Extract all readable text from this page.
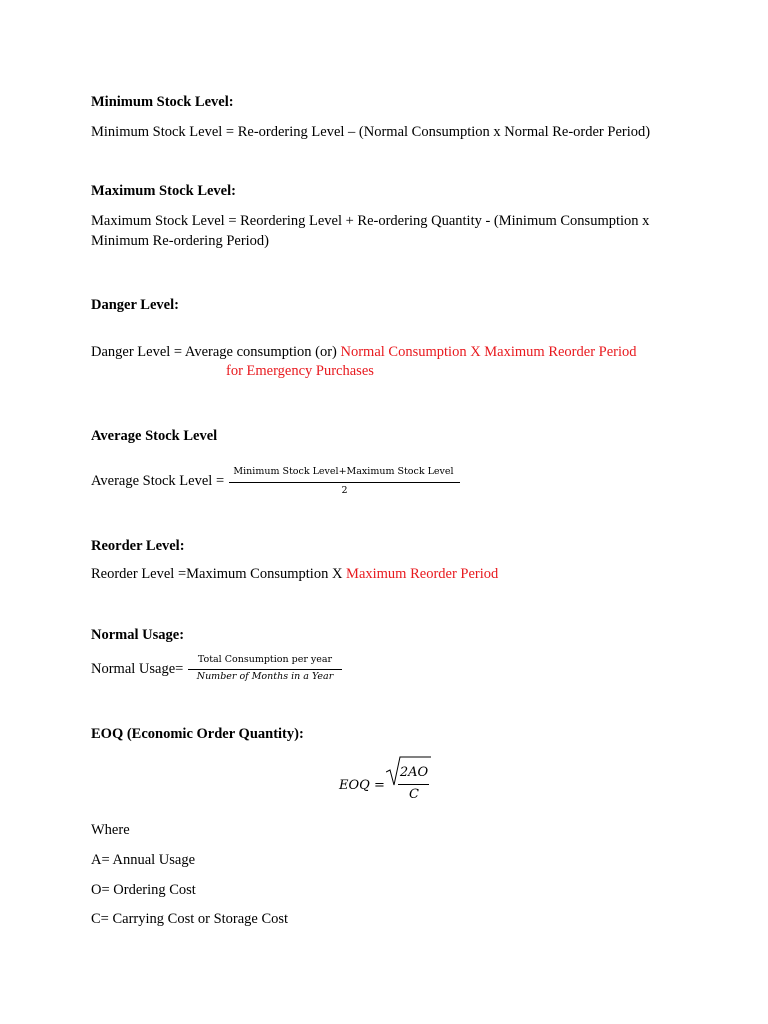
Minimum Stock Level:
Minimum Stock Level = Re-ordering Level – (Normal Consumption x Normal Re-order Period)
Maximum Stock Level:
Maximum Stock Level = Reordering Level + Re-ordering Quantity - (Minimum Consumption x
Minimum Re-ordering Period)
Danger Level:
Danger Level = Average consumption (or) Normal Consumption X Maximum Reorder Period
for Emergency Purchases
Average Stock Level
Average Stock Level =
Minimum Stock Level+Maximum Stock Level
2
Reorder Level:
Reorder Level =Maximum Consumption X Maximum Reorder Period
Normal Usage:
Normal Usage=
Total Consumption per year
Number of Months in a Year
EOQ (Economic Order Quantity):
EOQ =
2AO
C
Where
A= Annual Usage
O= Ordering Cost
C= Carrying Cost or Storage Cost
